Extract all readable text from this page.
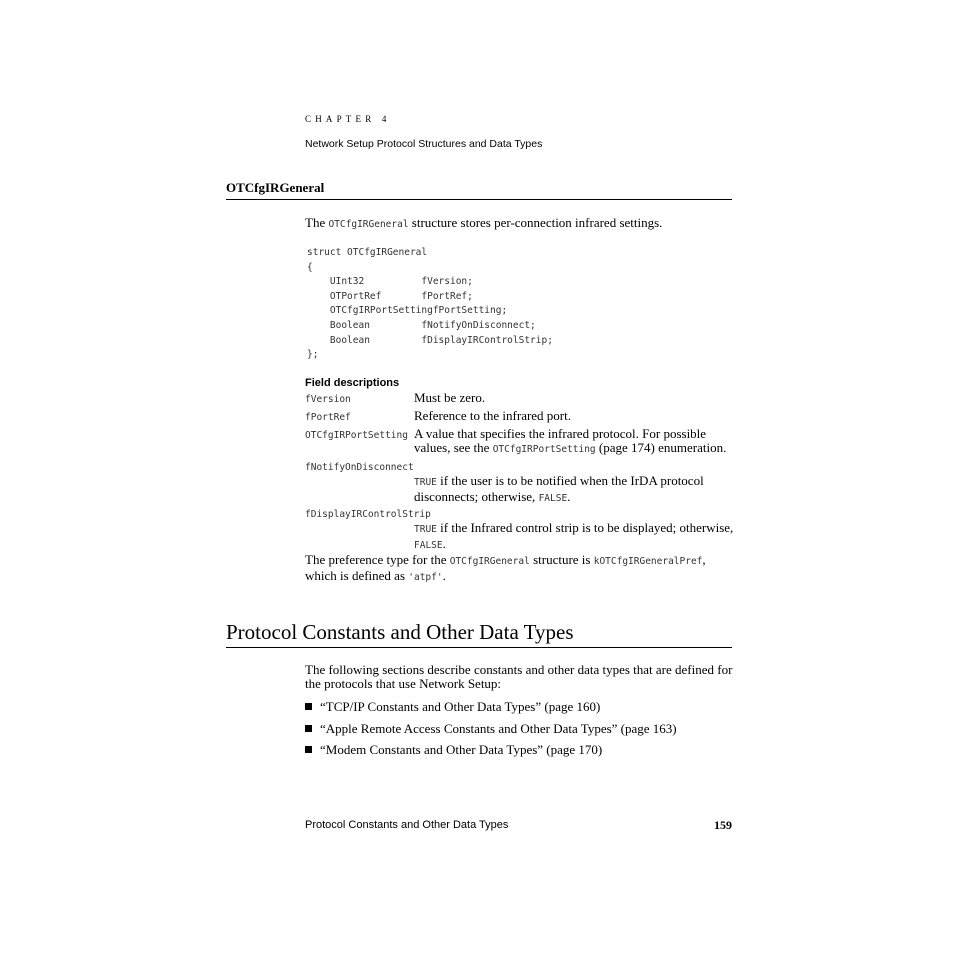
CHAPTER 4
Network Setup Protocol Structures and Data Types
OTCfgIRGeneral
The OTCfgIRGeneral structure stores per-connection infrared settings.
struct OTCfgIRGeneral
{
UInt32          fVersion;
OTPortRef       fPortRef;
OTCfgIRPortSettingfPortSetting;
Boolean         fNotifyOnDisconnect;
Boolean         fDisplayIRControlStrip;
};
Field descriptions
fVersion	Must be zero.
fPortRef	Reference to the infrared port.
OTCfgIRPortSetting A value that specifies the infrared protocol. For possible values, see the OTCfgIRPortSetting (page 174) enumeration.
fNotifyOnDisconnect
TRUE if the user is to be notified when the IrDA protocol disconnects; otherwise, FALSE.
fDisplayIRControlStrip
TRUE if the Infrared control strip is to be displayed; otherwise, FALSE.
The preference type for the OTCfgIRGeneral structure is kOTCfgIRGeneralPref, which is defined as 'atpf'.
Protocol Constants and Other Data Types
The following sections describe constants and other data types that are defined for the protocols that use Network Setup:
“TCP/IP Constants and Other Data Types” (page 160)
“Apple Remote Access Constants and Other Data Types” (page 163)
“Modem Constants and Other Data Types” (page 170)
Protocol Constants and Other Data Types	159
